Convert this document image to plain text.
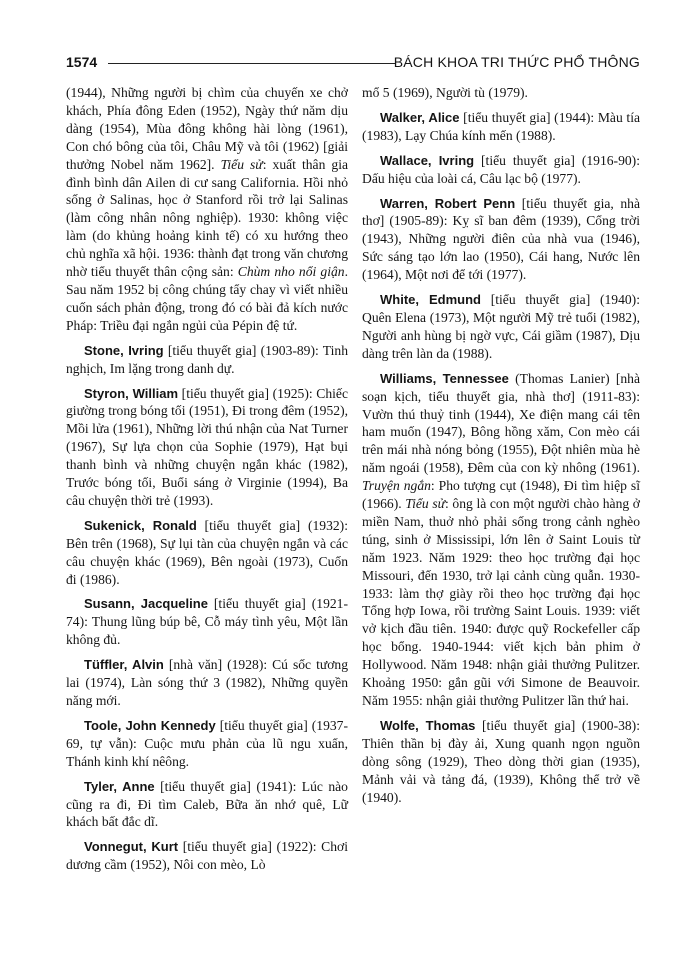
1574	BÁCH KHOA TRI THỨC PHỔ THÔNG

(1944), Những người bị chìm của chuyến xe chở khách, Phía đông Eden (1952), Ngày thứ năm dịu dàng (1954), Mùa đông không hài lòng (1961), Con chó bông của tôi, Châu Mỹ và tôi (1962) [giải thưởng Nobel năm 1962]. Tiểu sử: xuất thân gia đình bình dân Ailen di cư sang California. Hồi nhỏ sống ở Salinas, học ở Stanford rồi trở lại Salinas (làm công nhân nông nghiệp). 1930: không việc làm (do khủng hoảng kinh tế) có xu hướng theo chủ nghĩa xã hội. 1936: thành đạt trong văn chương nhờ tiểu thuyết thân cộng sản: Chùm nho nổi giận. Sau năm 1952 bị công chúng tẩy chay vì viết nhiều cuốn sách phản động, trong đó có bài đả kích nước Pháp: Triều đại ngắn ngủi của Pépin đệ tứ.

Stone, Ivring [tiểu thuyết gia] (1903-89): Tinh nghịch, Im lặng trong danh dự.

Styron, William [tiểu thuyết gia] (1925): Chiếc giường trong bóng tối (1951), Đi trong đêm (1952), Mồi lửa (1961), Những lời thú nhận của Nat Turner (1967), Sự lựa chọn của Sophie (1979), Hạt bụi thanh bình và những chuyện ngắn khác (1982), Trước bóng tối, Buổi sáng ở Virginie (1994), Ba câu chuyện thời trẻ (1993).

Sukenick, Ronald [tiểu thuyết gia] (1932): Bên trên (1968), Sự lụi tàn của chuyện ngắn và các câu chuyện khác (1969), Bên ngoài (1973), Cuốn đi (1986).

Susann, Jacqueline [tiểu thuyết gia] (1921-74): Thung lũng búp bê, Cỗ máy tình yêu, Một lần không đủ.

Tüffler, Alvin [nhà văn] (1928): Cú sốc tương lai (1974), Làn sóng thứ 3 (1982), Những quyền năng mới.

Toole, John Kennedy [tiểu thuyết gia] (1937-69, tự vẫn): Cuộc mưu phản của lũ ngu xuẩn, Thánh kinh khí nêông.

Tyler, Anne [tiểu thuyết gia] (1941): Lúc nào cũng ra đi, Đi tìm Caleb, Bữa ăn nhớ quê, Lữ khách bất đắc dĩ.

Vonnegut, Kurt [tiểu thuyết gia] (1922): Chơi dương cầm (1952), Nôi con mèo, Lò

mổ 5 (1969), Người tù (1979).

Walker, Alice [tiểu thuyết gia] (1944): Màu tía (1983), Lạy Chúa kính mến (1988).

Wallace, Ivring [tiểu thuyết gia] (1916-90): Dấu hiệu của loài cá, Câu lạc bộ (1977).

Warren, Robert Penn [tiểu thuyết gia, nhà thơ] (1905-89): Kỵ sĩ ban đêm (1939), Cổng trời (1943), Những người điên của nhà vua (1946), Sức sáng tạo lớn lao (1950), Cái hang, Nước lên (1964), Một nơi để tới (1977).

White, Edmund [tiểu thuyết gia] (1940): Quên Elena (1973), Một người Mỹ trẻ tuổi (1982), Người anh hùng bị ngờ vực, Cái giầm (1987), Dịu dàng trên làn da (1988).

Williams, Tennessee (Thomas Lanier) [nhà soạn kịch, tiểu thuyết gia, nhà thơ] (1911-83): Vườn thú thuỷ tinh (1944), Xe điện mang cái tên ham muốn (1947), Bông hồng xăm, Con mèo cái trên mái nhà nóng bỏng (1955), Đột nhiên mùa hè năm ngoái (1958), Đêm của con kỳ nhông (1961). Truyện ngắn: Pho tượng cụt (1948), Đi tìm hiệp sĩ (1966). Tiểu sử: ông là con một người chào hàng ở miền Nam, thuở nhỏ phải sống trong cảnh nghèo túng, sinh ở Mississipi, lớn lên ở Saint Louis từ năm 1923. Năm 1929: theo học trường đại học Missouri, đến 1930, trở lại cảnh cùng quẫn. 1930-1933: làm thợ giày rồi theo học trường đại học Tổng hợp Iowa, rồi trường Saint Louis. 1939: viết vở kịch đầu tiên. 1940: được quỹ Rockefeller cấp học bổng. 1940-1944: viết kịch bản phim ở Hollywood. Năm 1948: nhận giải thưởng Pulitzer. Khoảng 1950: gắn gũi với Simone de Beauvoir. Năm 1955: nhận giải thưởng Pulitzer lần thứ hai.

Wolfe, Thomas [tiểu thuyết gia] (1900-38): Thiên thần bị đày ải, Xung quanh ngọn nguồn dòng sông (1929), Theo dòng thời gian (1935), Mảnh vải và tảng đá, (1939), Không thể trở về (1940).
